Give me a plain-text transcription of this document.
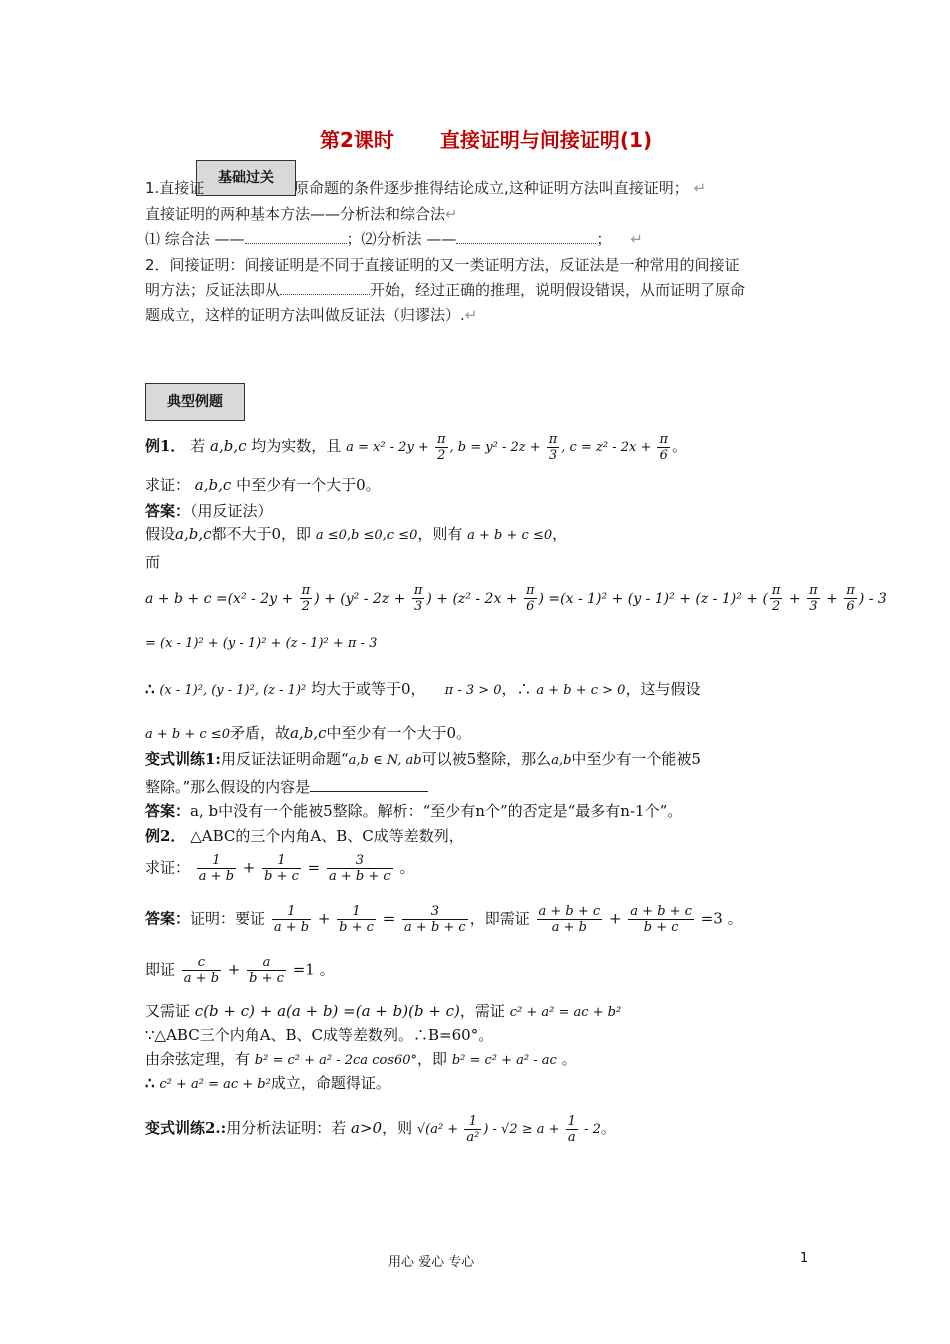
第2课时 直接证明与间接证明(1)
基础过关
1.直接证	原命题的条件逐步推得结论成立,这种证明方法叫直接证明； ↵
直接证明的两种基本方法——分析法和综合法↵
⑴ 综合法 ——	；⑵分析法 ——	； ↵
2．间接证明：间接证明是不同于直接证明的又一类证明方法，反证法是一种常用的间接证
明方法；反证法即从	开始，经过正确的推理，说明假设错误，从而证明了原命
题成立，这样的证明方法叫做反证法（归谬法）.↵
典型例题
例1． 若 a,b,c 均为实数，且 $a = x^2 - 2y + \frac{\pi}{2}$ , $b = y^2 - 2z + \frac{\pi}{3}$ , $c = z^2 - 2x + \frac{\pi}{6}$ 。
求证： a,b,c 中至少有一个大于0。
答案：（用反证法）
假设a,b,c都不大于0，即 a ≤0,b ≤0,c ≤0，则有 a + b + c ≤0，
而
$a + b + c =(x^2 - 2y + \frac{\pi}{2}$ ) + ($y^2 - 2z + \frac{\pi}{3}$ ) + ($z^2 - 2x + \frac{\pi}{6}$ ) =(x - 1)² + (y - 1)² + (z - 1)² + ( $\frac{\pi}{2} + \frac{\pi}{3} + \frac{\pi}{6}$ ) - 3
= (x - 1)² + (y - 1)² + (z - 1)² + π - 3
∴ (x - 1)², (y - 1)², (z - 1)² 均大于或等于0， π - 3 > 0，∴ a + b + c > 0，这与假设
a + b + c ≤0矛盾，故a,b,c中至少有一个大于0。
变式训练1:用反证法证明命题“a,b ∈ N, ab可以被5整除，那么a,b中至少有一个能被5
整除。”那么假设的内容是
答案：a, b中没有一个能被5整除。解析：“至少有n个”的否定是“最多有n-1个”。
例2． △ABC的三个内角A、B、C成等差数列，
求证： $\frac{1}{a + b} + \frac{1}{b + c} = \frac{3}{a + b + c}$ 。
答案：证明：要证 $\frac{1}{a + b} + \frac{1}{b + c} = \frac{3}{a + b + c}$ ，即需证 $\frac{a + b + c}{a + b} + \frac{a + b + c}{b + c} =3$ 。
即证 $\frac{c}{a + b} + \frac{a}{b + c} =1$ 。
又需证 c(b + c) + a(a + b) =(a + b)(b + c)，需证 c² + a² = ac + b²
∵△ABC三个内角A、B、C成等差数列。∴B=60°。
由余弦定理，有 b² = c² + a² - 2ca cos60°，即 b² = c² + a² - ac 。
∴ c² + a² = ac + b²成立，命题得证。
变式训练2.:用分析法证明：若 a>0，则 $√(a^2 + \frac{1}{\text{a²}}$ ) - $√2 \ge a + \frac{1}{a} - 2$。
用心 爱心 专心	1
